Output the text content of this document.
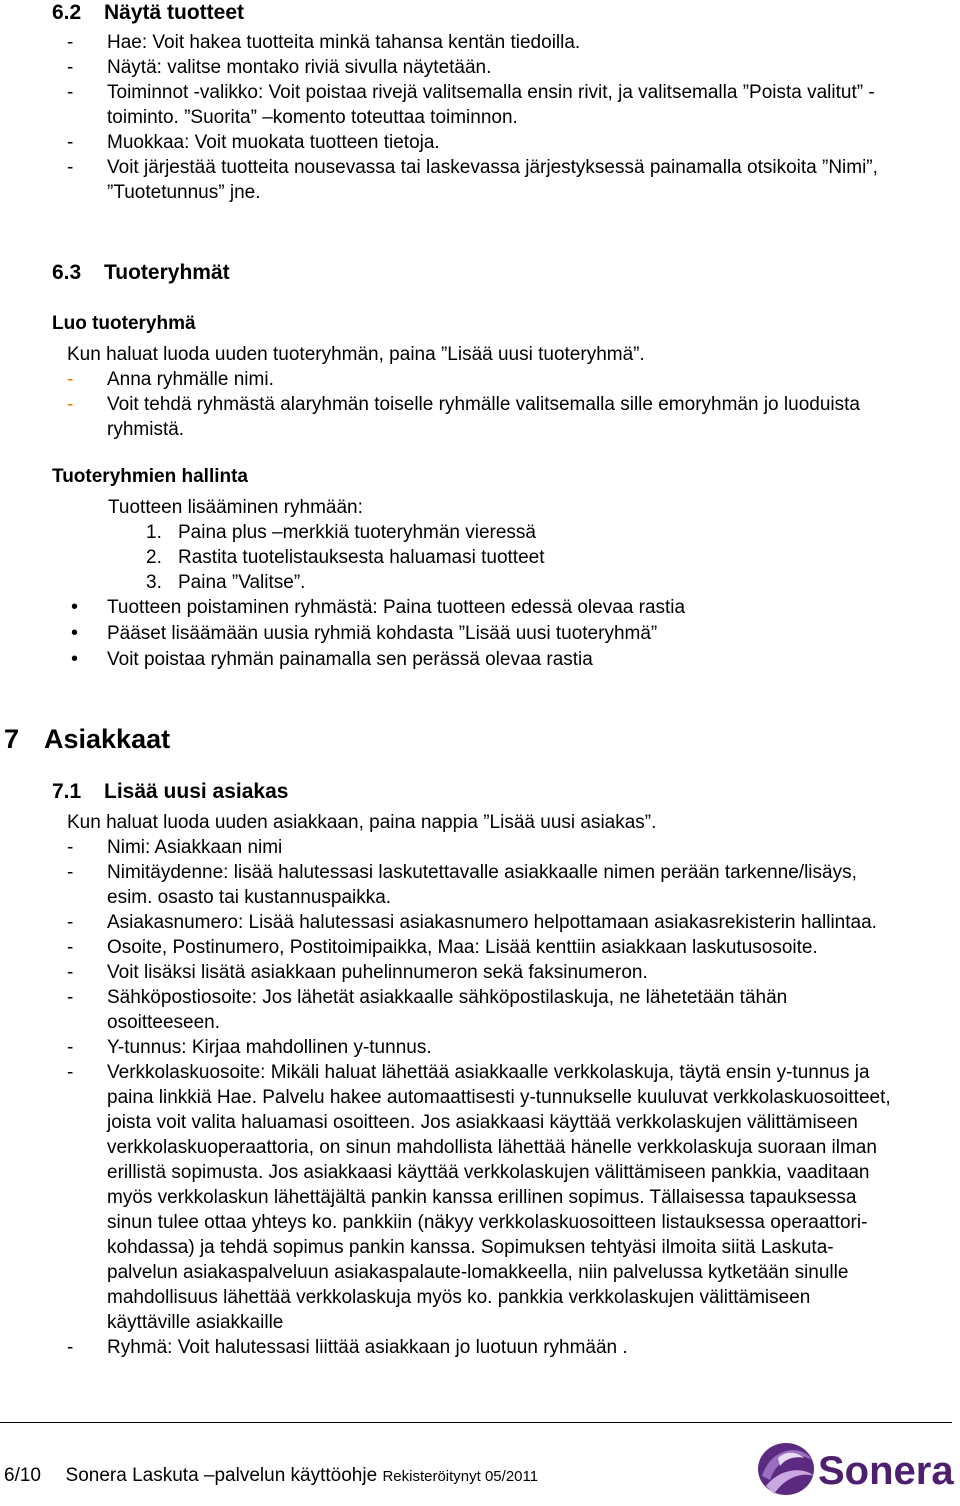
6.2 Näytä tuotteet
-	Hae: Voit hakea tuotteita minkä tahansa kentän tiedoilla.
-	Näytä: valitse montako riviä sivulla näytetään.
-	Toiminnot -valikko: Voit poistaa rivejä valitsemalla ensin rivit, ja valitsemalla ”Poista valitut” -toiminto. ”Suorita” –komento toteuttaa toiminnon.
-	Muokkaa: Voit muokata tuotteen tietoja.
-	Voit järjestää tuotteita nousevassa tai laskevassa järjestyksessä painamalla otsikoita ”Nimi”, ”Tuotetunnus” jne.
6.3 Tuoteryhmät
Luo tuoteryhmä
Kun haluat luoda uuden tuoteryhmän, paina ”Lisää uusi tuoteryhmä”.
-	Anna ryhmälle nimi.
-	Voit tehdä ryhmästä alaryhmän toiselle ryhmälle valitsemalla sille emoryhmän jo luoduista ryhmistä.
Tuoteryhmien hallinta
Tuotteen lisääminen ryhmään:
1. Paina plus –merkkiä tuoteryhmän vieressä
2. Rastita tuotelistauksesta haluamasi tuotteet
3. Paina ”Valitse”.
• Tuotteen poistaminen ryhmästä: Paina tuotteen edessä olevaa rastia
• Pääset lisäämään uusia ryhmiä kohdasta ”Lisää uusi tuoteryhmä”
• Voit poistaa ryhmän painamalla sen perässä olevaa rastia
7 Asiakkaat
7.1 Lisää uusi asiakas
Kun haluat luoda uuden asiakkaan, paina nappia ”Lisää uusi asiakas”.
-	Nimi: Asiakkaan nimi
-	Nimitäydenne: lisää halutessasi laskutettavalle asiakkaalle nimen perään tarkenne/lisäys, esim. osasto tai kustannuspaikka.
-	Asiakasnumero: Lisää halutessasi asiakasnumero helpottamaan asiakasrekisterin hallintaa.
-	Osoite, Postinumero, Postitoimipaikka, Maa: Lisää kenttiin asiakkaan laskutusosoite.
-	Voit lisäksi lisätä asiakkaan puhelinnumeron sekä faksinumeron.
-	Sähköpostiosoite: Jos lähetät asiakkaalle sähköpostilaskuja, ne lähetetään tähän osoitteeseen.
-	Y-tunnus: Kirjaa mahdollinen y-tunnus.
-	Verkkolaskuosoite: Mikäli haluat lähettää asiakkaalle verkkolaskuja, täytä ensin y-tunnus ja paina linkkiä Hae. Palvelu hakee automaattisesti y-tunnukselle kuuluvat verkkolaskuosoitteet, joista voit valita haluamasi osoitteen. Jos asiakkaasi käyttää verkkolaskujen välittämiseen verkkolaskuoperaattoria, on sinun mahdollista lähettää hänelle verkkolaskuja suoraan ilman erillistä sopimusta. Jos asiakkaasi käyttää verkkolaskujen välittämiseen pankkia, vaaditaan myös verkkolaskun lähettäjältä pankin kanssa erillinen sopimus. Tällaisessa tapauksessa sinun tulee ottaa yhteys ko. pankkiin (näkyy verkkolaskuosoitteen listauksessa operaattori-kohdassa) ja tehdä sopimus pankin kanssa. Sopimuksen tehtyäsi ilmoita siitä Laskuta-palvelun asiakaspalveluun asiakaspalaute-lomakkeella, niin palvelussa kytketään sinulle mahdollisuus lähettää verkkolaskuja myös ko. pankkia verkkolaskujen välittämiseen käyttäville asiakkaille
-	Ryhmä: Voit halutessasi liittää asiakkaan jo luotuun ryhmään .
6/10 Sonera Laskuta –palvelun käyttöohje Rekisteröitynyt 05/2011	Sonera
